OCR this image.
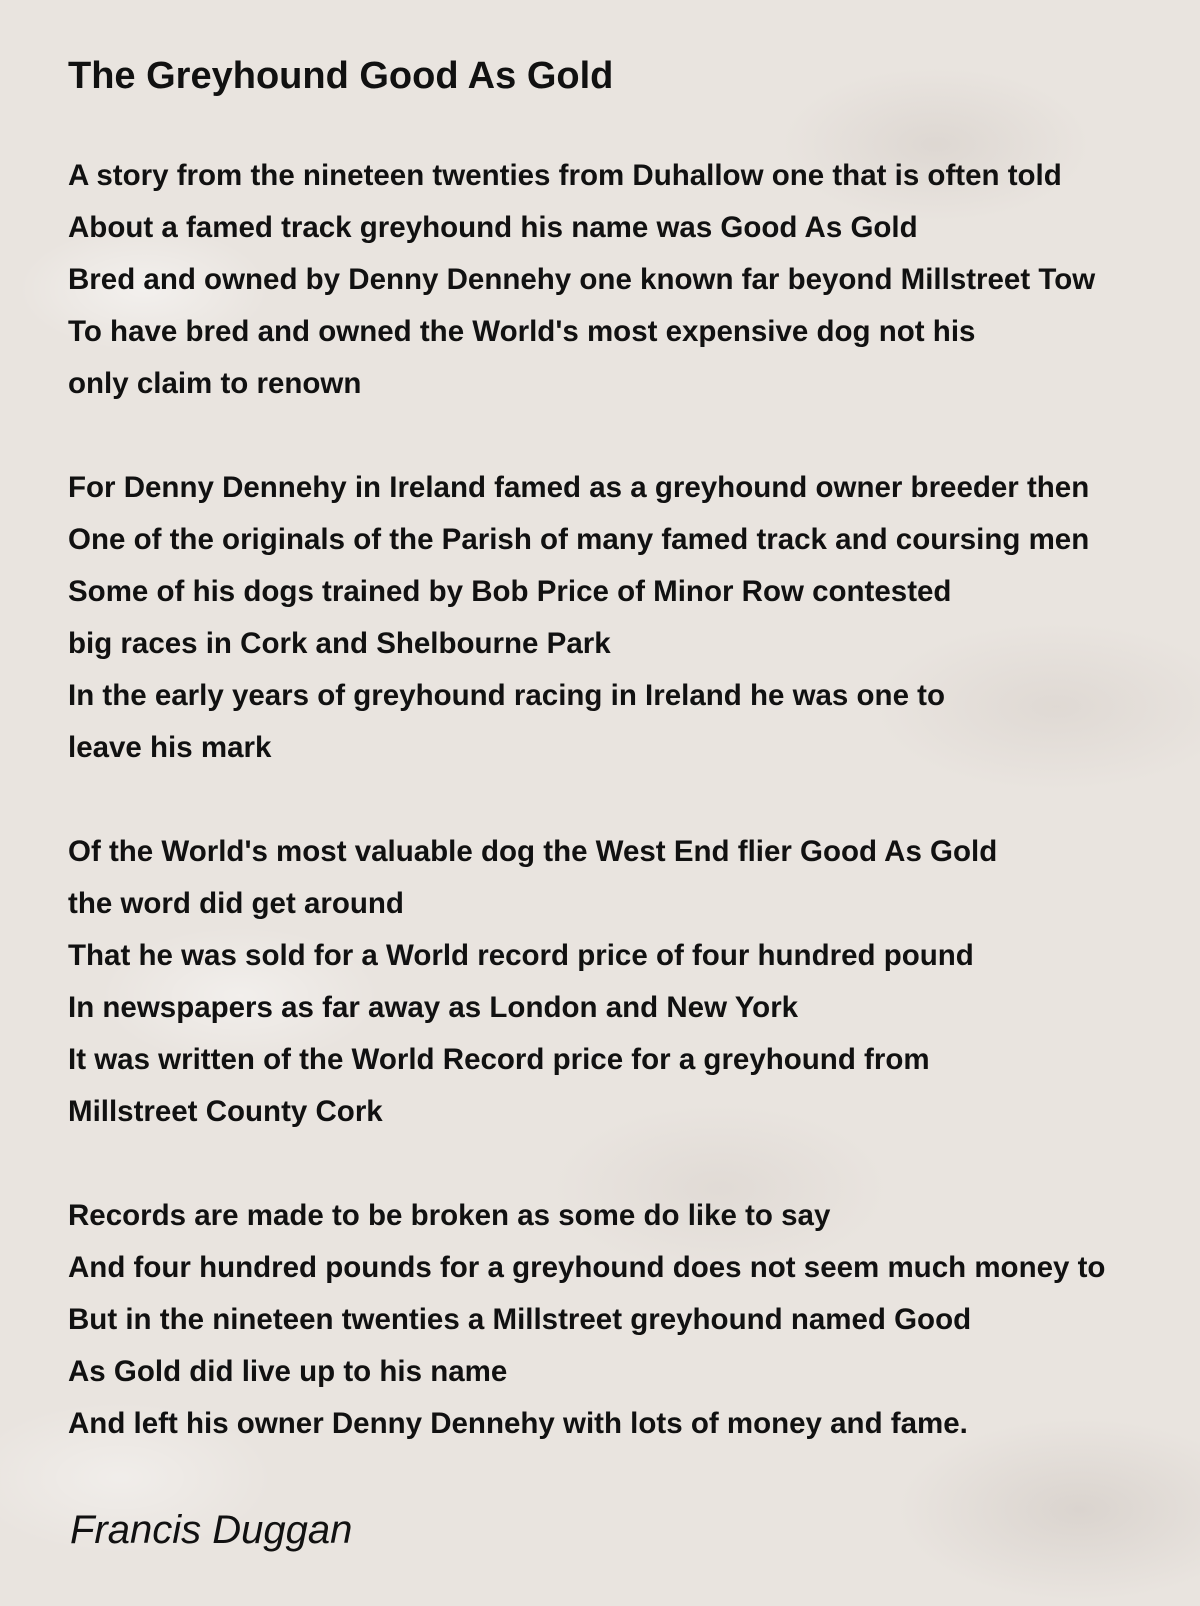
The Greyhound Good As Gold
A story from the nineteen twenties from Duhallow one that is often told
About a famed track greyhound his name was Good As Gold
Bred and owned by Denny Dennehy one known far beyond Millstreet Tow
To have bred and owned the World's most expensive dog not his
only claim to renown
For Denny Dennehy in Ireland famed as a greyhound owner breeder then
One of the originals of the Parish of many famed track and coursing men
Some of his dogs trained by Bob Price of Minor Row contested
big races in Cork and Shelbourne Park
In the early years of greyhound racing in Ireland he was one to
leave his mark
Of the World's most valuable dog the West End flier Good As Gold
the word did get around
That he was sold for a World record price of four hundred pound
In newspapers as far away as London and New York
It was written of the World Record price for a greyhound from
Millstreet County Cork
Records are made to be broken as some do like to say
And four hundred pounds for a greyhound does not seem much money to
But in the nineteen twenties a Millstreet greyhound named Good
As Gold did live up to his name
And left his owner Denny Dennehy with lots of money and fame.

Francis Duggan
